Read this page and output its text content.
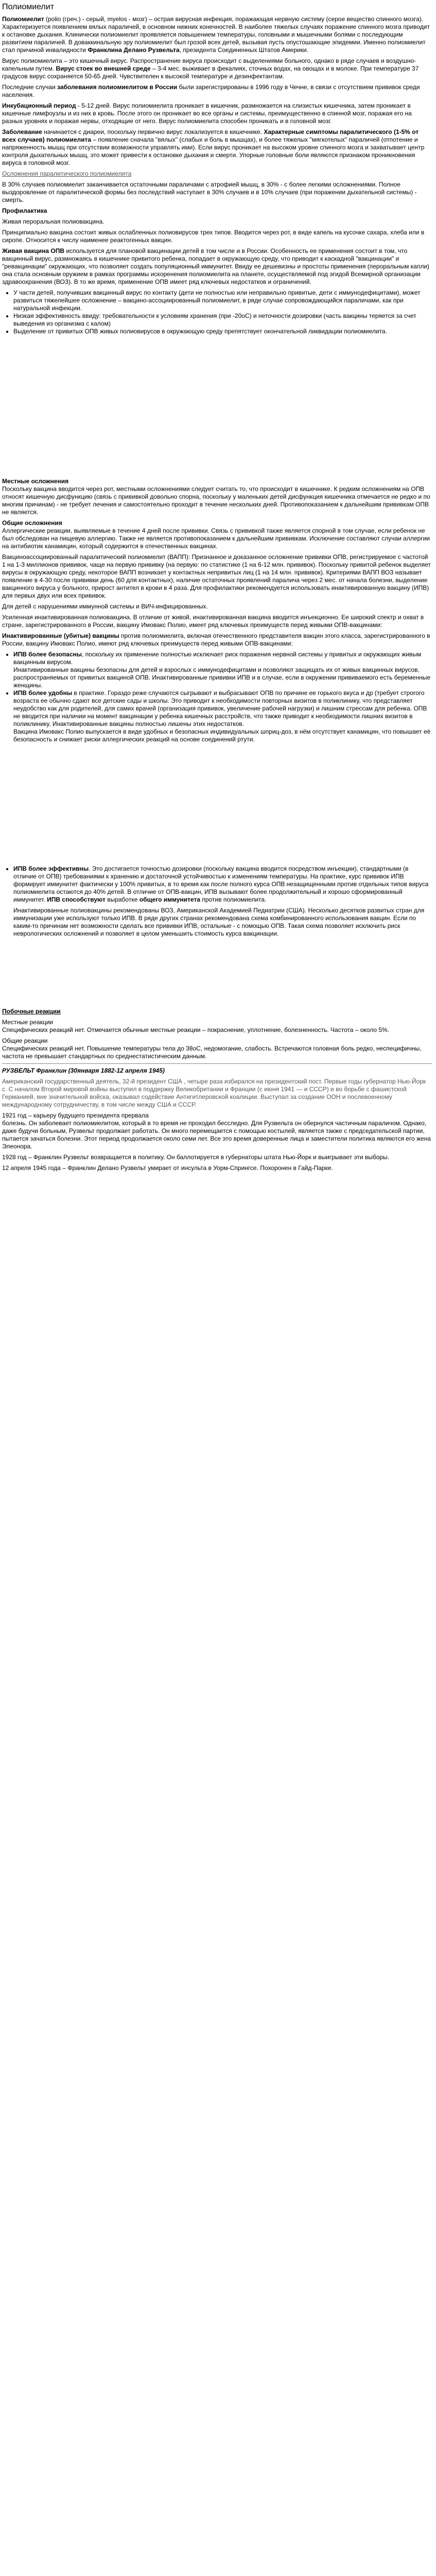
Полиомиелит

Полиомиелит (polio (греч.) - серый, myelos - мозг) – острая вирусная инфекция, поражающая нервную систему (серое вещество спинного мозга). Характеризуется появлением вялых параличей, в основном нижних конечностей. В наиболее тяжелых случаях поражение спинного мозга приводит к остановке дыхания. Клинически полиомиелит проявляется повышением температуры, головными и мышечными болями с последующим развитием параличей. В доваккинальную эру полиомиелит был грозой всех детей, вызывая пусть опустошающие эпидемии. Именно полиомиелит стал причиной инвалидности Франклина Делано Рузвельта, президента Соединенных Штатов Америки.

Вирус полиомиелита – это кишечный вирус. Распространение вируса происходит с выделениями больного, однако в ряде случаев и воздушно-капельным путем. Вирус стоек во внешней среде – 3-4 мес. выживает в фекалиях, сточных водах, на овощах и в молоке. При температуре 37 градусов вирус сохраняется 50-65 дней. Чувствителен к высокой температуре и дезинфектантам.

Последние случаи заболевания полиомиелитом в России были зарегистрированы в 1996 году в Чечне, в связи с отсутствием прививок среди населения.

Инкубационный период - 5-12 дней. Вирус полиомиелита проникает в кишечник, размножается на слизистых кишечника, затем проникает в кишечные лимфоузлы и из них в кровь. После этого он проникает во все органы и системы, преимущественно в спинной мозг, поражая его на разных уровнях и поражая нервы, отходящие от него. Вирус полиомиелита способен проникать и в головной мозг.

Заболевание начинается с диареи, поскольку первично вирус локализуется в кишечнике. Характерные симптомы паралитического (1-5% от всех случаев) полиомиелита – появление сначала "вялых" (слабых и боль в мышцах), и более тяжелых "мягкотелых" параличей (отпотение и напряженность мышц при отсутствии возможности управлять ими). Если вирус проникает на высоком уровне спинного мозга и захватывает центр контроля дыхательных мышц, это может привести к остановке дыхания и смерти. Упорные головные боли являются признаком проникновения вируса в головной мозг.

Осложнения паралитического полиомиелита

В 30% случаев полиомиелит заканчивается остаточными параличами с атрофией мышц, в 30% - с более легкими осложнениями. Полное выздоровление от паралитической формы без последствий наступает в 30% случаев и в 10% случаев (при поражении дыхательной системы) - смерть.

Профилактика

Живая пероральная полиовакцина.

Принципиально вакцина состоит живых ослабленных полиовирусов трех типов. Вводится через рот, в виде капель на кусочке сахара, хлеба или в сиропе. Относится к числу наименее реактогенных вакцин.

Живая вакцина ОПВ используется для плановой вакцинации детей в том числе и в России. Особенность ее применения состоит в том, что вакцинный вирус, размножаясь в кишечнике привитого ребенка, попадает в окружающую среду, что приводит к каскадной "вакцинации" и "ревакцинации" окружающих, что позволяет создать популяционный иммунитет. Ввиду ее дешевизны и простоты применения (пероральным капли) она стала основным оружием в рамках программы искоренения полиомиелита на планете, осуществляемой под эгидой Всемирной организации здравоохранения (ВОЗ). В то же время, применение ОПВ имеет ряд ключевых недостатков и ограничений.

• У части детей, получивших вакцинный вирус по контакту (дети не полностью или неправильно привитые, дети с иммунодефицитами), может развиться тяжелейшее осложнение – вакцино-ассоциированный полиомиелит, в ряде случае сопровождающийся параличами, как при натуральной инфекции.
• Низкая эффективность ввиду: требовательности к условиям хранения (при -20оС) и неточности дозировки (часть вакцины теряется за счет выведения из организма с калом)
• Выделение от привитых ОПВ живых полиовирусов в окружающую среду препятствует окончательной ликвидации полиомиелита.

Местные осложнения

Поскольку вакцина вводится через рот, местными осложнениями следует считать то, что происходит в кишечнике. К редким осложнениям на ОПВ относят кишечную дисфункцию (связь с прививкой довольно спорна, поскольку у маленьких детей дисфункция кишечника отмечается не редко и по многим причинам) - не требует лечения и самостоятельно проходит в течение нескольких дней. Противопоказанием к дальнейшим прививкам ОПВ не является.

Общие осложнения

Аллергические реакции, выявляемые в течение 4 дней после прививки. Связь с прививкой также является спорной в том случае, если ребенок не был обследован на пищевую аллергию. Также не является противопоказанием к дальнейшим прививкам. Исключение составляют случаи аллергии на антибиотик канамицин, который содержится в отечественных вакцинах.

Вакциноассоциированный паралитический полиомиелит (ВАПП): Признанное и доказанное осложнение прививки ОПВ, регистрируемое с частотой 1 на 1-3 миллионов прививок, чаще на первую прививку (на первую: по статистике (1 на 6-12 млн. прививок). Поскольку привитой ребенок выделяет вирусы в окружающую среду, некоторое ВАПП возникает у контактных непривитых лиц (1 на 14 млн. прививок). Критериями ВАПП ВОЗ называет появление в 4-30 после прививки день (60 для контактных), наличие остаточных проявлений паралича через 2 мес. от начала болезни, выделение вакцинного вируса у больного, прирост антител в крови в 4 раза. Для профилактики рекомендуется использовать инактивированную вакцину (ИПВ) для первых двух или всех прививок.

Для детей с нарушениями иммунной системы и ВИЧ-инфицированных.

Усиленная инактивированная полиовакцина. В отличие от живой, инактивированная вакцина вводится инъекционно. Ее широкий спектр и охват в стране, зарегистрированного в России, вакцину Имовакс Полио, имеет ряд ключевых преимуществ перед живыми ОПВ-вакцинами:

Инактивированные (убитые) вакцины против полиомиелита, включая отечественного представителя вакцин этого класса, зарегистрированного в России, вакцину Имовакс Полио, имеют ряд ключевых преимуществ перед живыми ОПВ-вакцинами:

• ИПВ более безопасны, поскольку их применение полностью исключает риск поражения нервной системы у привитых и окружающих живым вакцинным вирусом.
Инактивированные вакцины безопасны для детей и взрослых с иммунодефицитами и позволяют защищать их от живых вакцинных вирусов, распространяемых от привитых вакциной ОПВ. Инактивированные прививки ИПВ и в случае, если в окружении прививаемого есть беременные женщины.
• ИПВ более удобны в практике. Гораздо реже случаются сыгрывают и выбрасывают ОПВ по причине ее горького вкуса и др (требует строгого возраста ее обычно сдают все детские сады и школы. Это приводит к необходимости повторных визитов в поликлинику, что представляет неудобство как для родителей, для самих врачей (организация прививок, увеличение рабочей нагрузки) и лишним стрессам для ребенка. ОПВ не вводится при наличии на момент вакцинации у ребенка кишечных расстройств, что также приводит к необходимости лишних визитов в поликлинику. Инактивированные вакцины полностью лишены этих недостатков.
Вакцина Имовакс Полио выпускается в виде удобных и безопасных индивидуальных шприц-доз, в нём отсутствует канамицин, что повышает её безопасность и снижает риски аллергических реакций на основе соединений ртути.
• ИПВ более эффективны. Это достигается точностью дозировки (поскольку вакцина вводится посредством инъекции), стандартными (в отличие от ОПВ) требованиями к хранению и достаточной устойчивостью к изменениям температуры. На практике, курс прививок ИПВ формирует иммунитет фактически у 100% привитых, в то время как после полного курса ОПВ незащищенными против отдельных типов вируса полиомиелита остаются до 40% детей. В отличие от ОПВ-вакцин, ИПВ вызывают более продолжительный и хорошо сформированный иммунитет. ИПВ способствуют выработке общего иммунитета против полиомиелита.

Инактивированные полиовакцины рекомендованы ВОЗ, Американской Академией Педиатрии (США). Несколько десятков развитых стран для иммунизации уже используют только ИПВ. В ряде других странах рекомендована схема комбинированного использования вакцин. Если по каким-то причинам нет возможности сделать все прививки ИПВ, остальные - с помощью ОПВ. Такая схема позволяет исключить риск неврологических осложнений и позволяет в целом уменьшить стоимость курса вакцинации.

Побочные реакции

Местные реакции

Специфических реакций нет. Отмечается обычные местные реакции – покраснение, уплотнение, болезненность. Частота – около 5%.

Общие реакции

Специфических реакций нет. Повышение температуры тела до 38оС, недомогание, слабость. Встречаются головная боль редко, неспецифичны, частота не превышает стандартных по среднестатистическим данным.

РУЗВЕЛЬТ Франклин (30января 1882-12 апреля 1945)

Американский государственный деятель, 32-й президент США , четыре раза избирался на президентский пост. Первые годы губернатор Нью-Йорк с. С началом Второй мировой войны выступил в поддержку Великобритании и Франции (с июня 1941 — и СССР) и во борьбе с фашистской Германией, вне значительной войска, оказывал содействие Антигитлеровской коалиции. Выступал за создание ООН и послевоенному международному сотрудничеству, в том числе между США и СССР.

1921 год – карьеру будущего президента прервала

болезнь. Он заболевает полиомиелитом, который в то время не проходил бесследно. Для Рузвельта он обернулся частичным параличом. Однако, даже будучи больным, Рузвельт продолжает работать. Он много перемещается с помощью костылей, является также с председательской партии, пытается зачаться болезни. Этот период продолжается около семи лет. Все это время доверенные лица и заместители политика являются его жена Элеонора.

1928 год – Франклин Рузвельт возвращается в политику. Он баллотируется в губернаторы штата Нью-Йорк и выигрывает эти выборы.

12 апреля 1945 года – Франклин Делано Рузвельт умирает от инсульта в Уорм-Спрингсе. Похоронен в Гайд-Парке.
